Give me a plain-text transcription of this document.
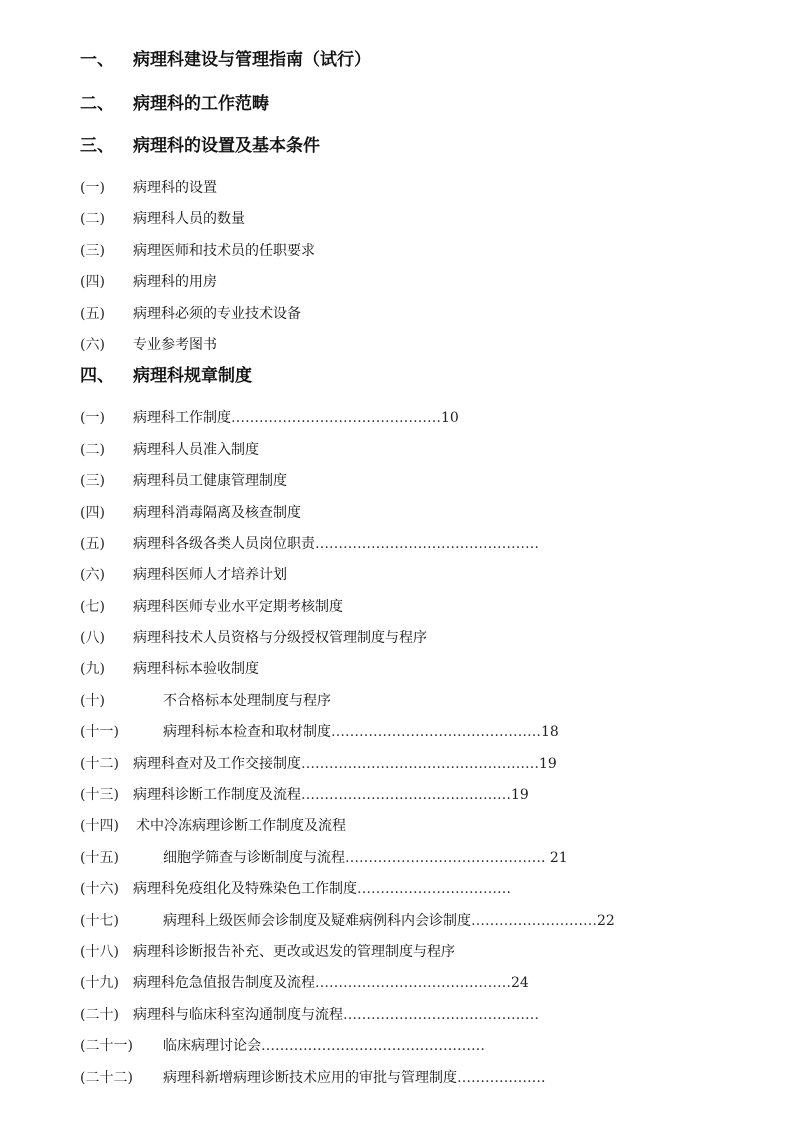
一、 病理科建设与管理指南（试行）
二、 病理科的工作范畴
三、 病理科的设置及基本条件
(一) 病理科的设置
(二) 病理科人员的数量
(三) 病理医师和技术员的任职要求
(四) 病理科的用房
(五) 病理科必须的专业技术设备
(六) 专业参考图书
四、 病理科规章制度
(一) 病理科工作制度………………………………………10
(二) 病理科人员准入制度
(三) 病理科员工健康管理制度
(四) 病理科消毒隔离及核查制度
(五) 病理科各级各类人员岗位职责…………………………………………
(六) 病理科医师人才培养计划
(七) 病理科医师专业水平定期考核制度
(八) 病理科技术人员资格与分级授权管理制度与程序
(九) 病理科标本验收制度
(十)	不合格标本处理制度与程序
(十一)	病理科标本检查和取材制度………………………………………18
(十二) 病理科查对及工作交接制度……………………………………………19
(十三) 病理科诊断工作制度及流程………………………………………19
(十四) 术中冷冻病理诊断工作制度及流程
(十五)	细胞学筛查与诊断制度与流程……………………………………. 21
(十六) 病理科免疫组化及特殊染色工作制度……………………………
(十七)	病理科上级医师会诊制度及疑难病例科内会诊制度………………………22
(十八) 病理科诊断报告补充、更改或迟发的管理制度与程序
(十九) 病理科危急值报告制度及流程……………………………………24
(二十) 病理科与临床科室沟通制度与流程……………………………………
(二十一) 临床病理讨论会…………………………………………
(二十二) 病理科新增病理诊断技术应用的审批与管理制度……………….
